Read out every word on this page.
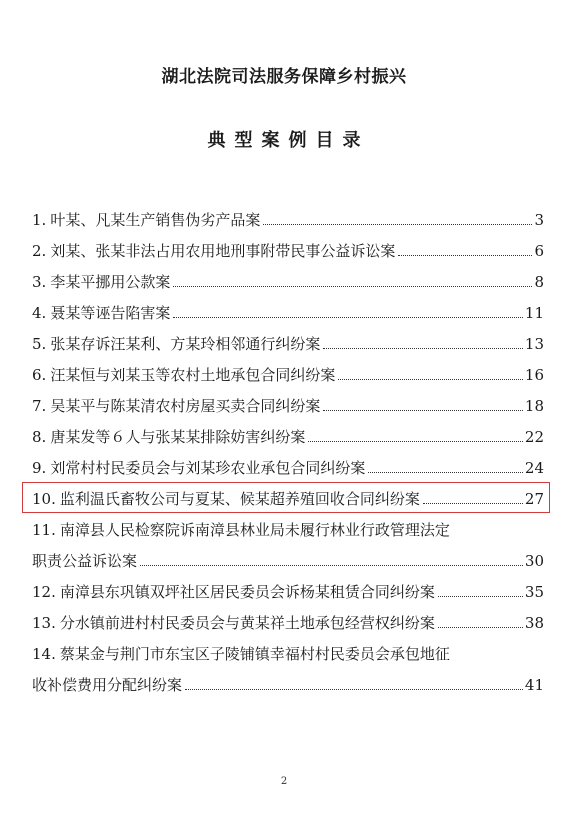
湖北法院司法服务保障乡村振兴
典型案例目录
1. 叶某、凡某生产销售伪劣产品案	3
2. 刘某、张某非法占用农用地刑事附带民事公益诉讼案	6
3. 李某平挪用公款案	8
4. 聂某等诬告陷害案	11
5. 张某存诉汪某利、方某玲相邻通行纠纷案	13
6. 汪某恒与刘某玉等农村土地承包合同纠纷案	16
7. 吴某平与陈某清农村房屋买卖合同纠纷案	18
8. 唐某发等６人与张某某排除妨害纠纷案	22
9. 刘常村村民委员会与刘某珍农业承包合同纠纷案	24
10. 监利温氏畜牧公司与夏某、候某超养殖回收合同纠纷案	27
11. 南漳县人民检察院诉南漳县林业局未履行林业行政管理法定
职责公益诉讼案	30
12. 南漳县东巩镇双坪社区居民委员会诉杨某租赁合同纠纷案	35
13. 分水镇前进村村民委员会与黄某祥土地承包经营权纠纷案	38
14. 蔡某金与荆门市东宝区子陵铺镇幸福村村民委员会承包地征
收补偿费用分配纠纷案	41
2
